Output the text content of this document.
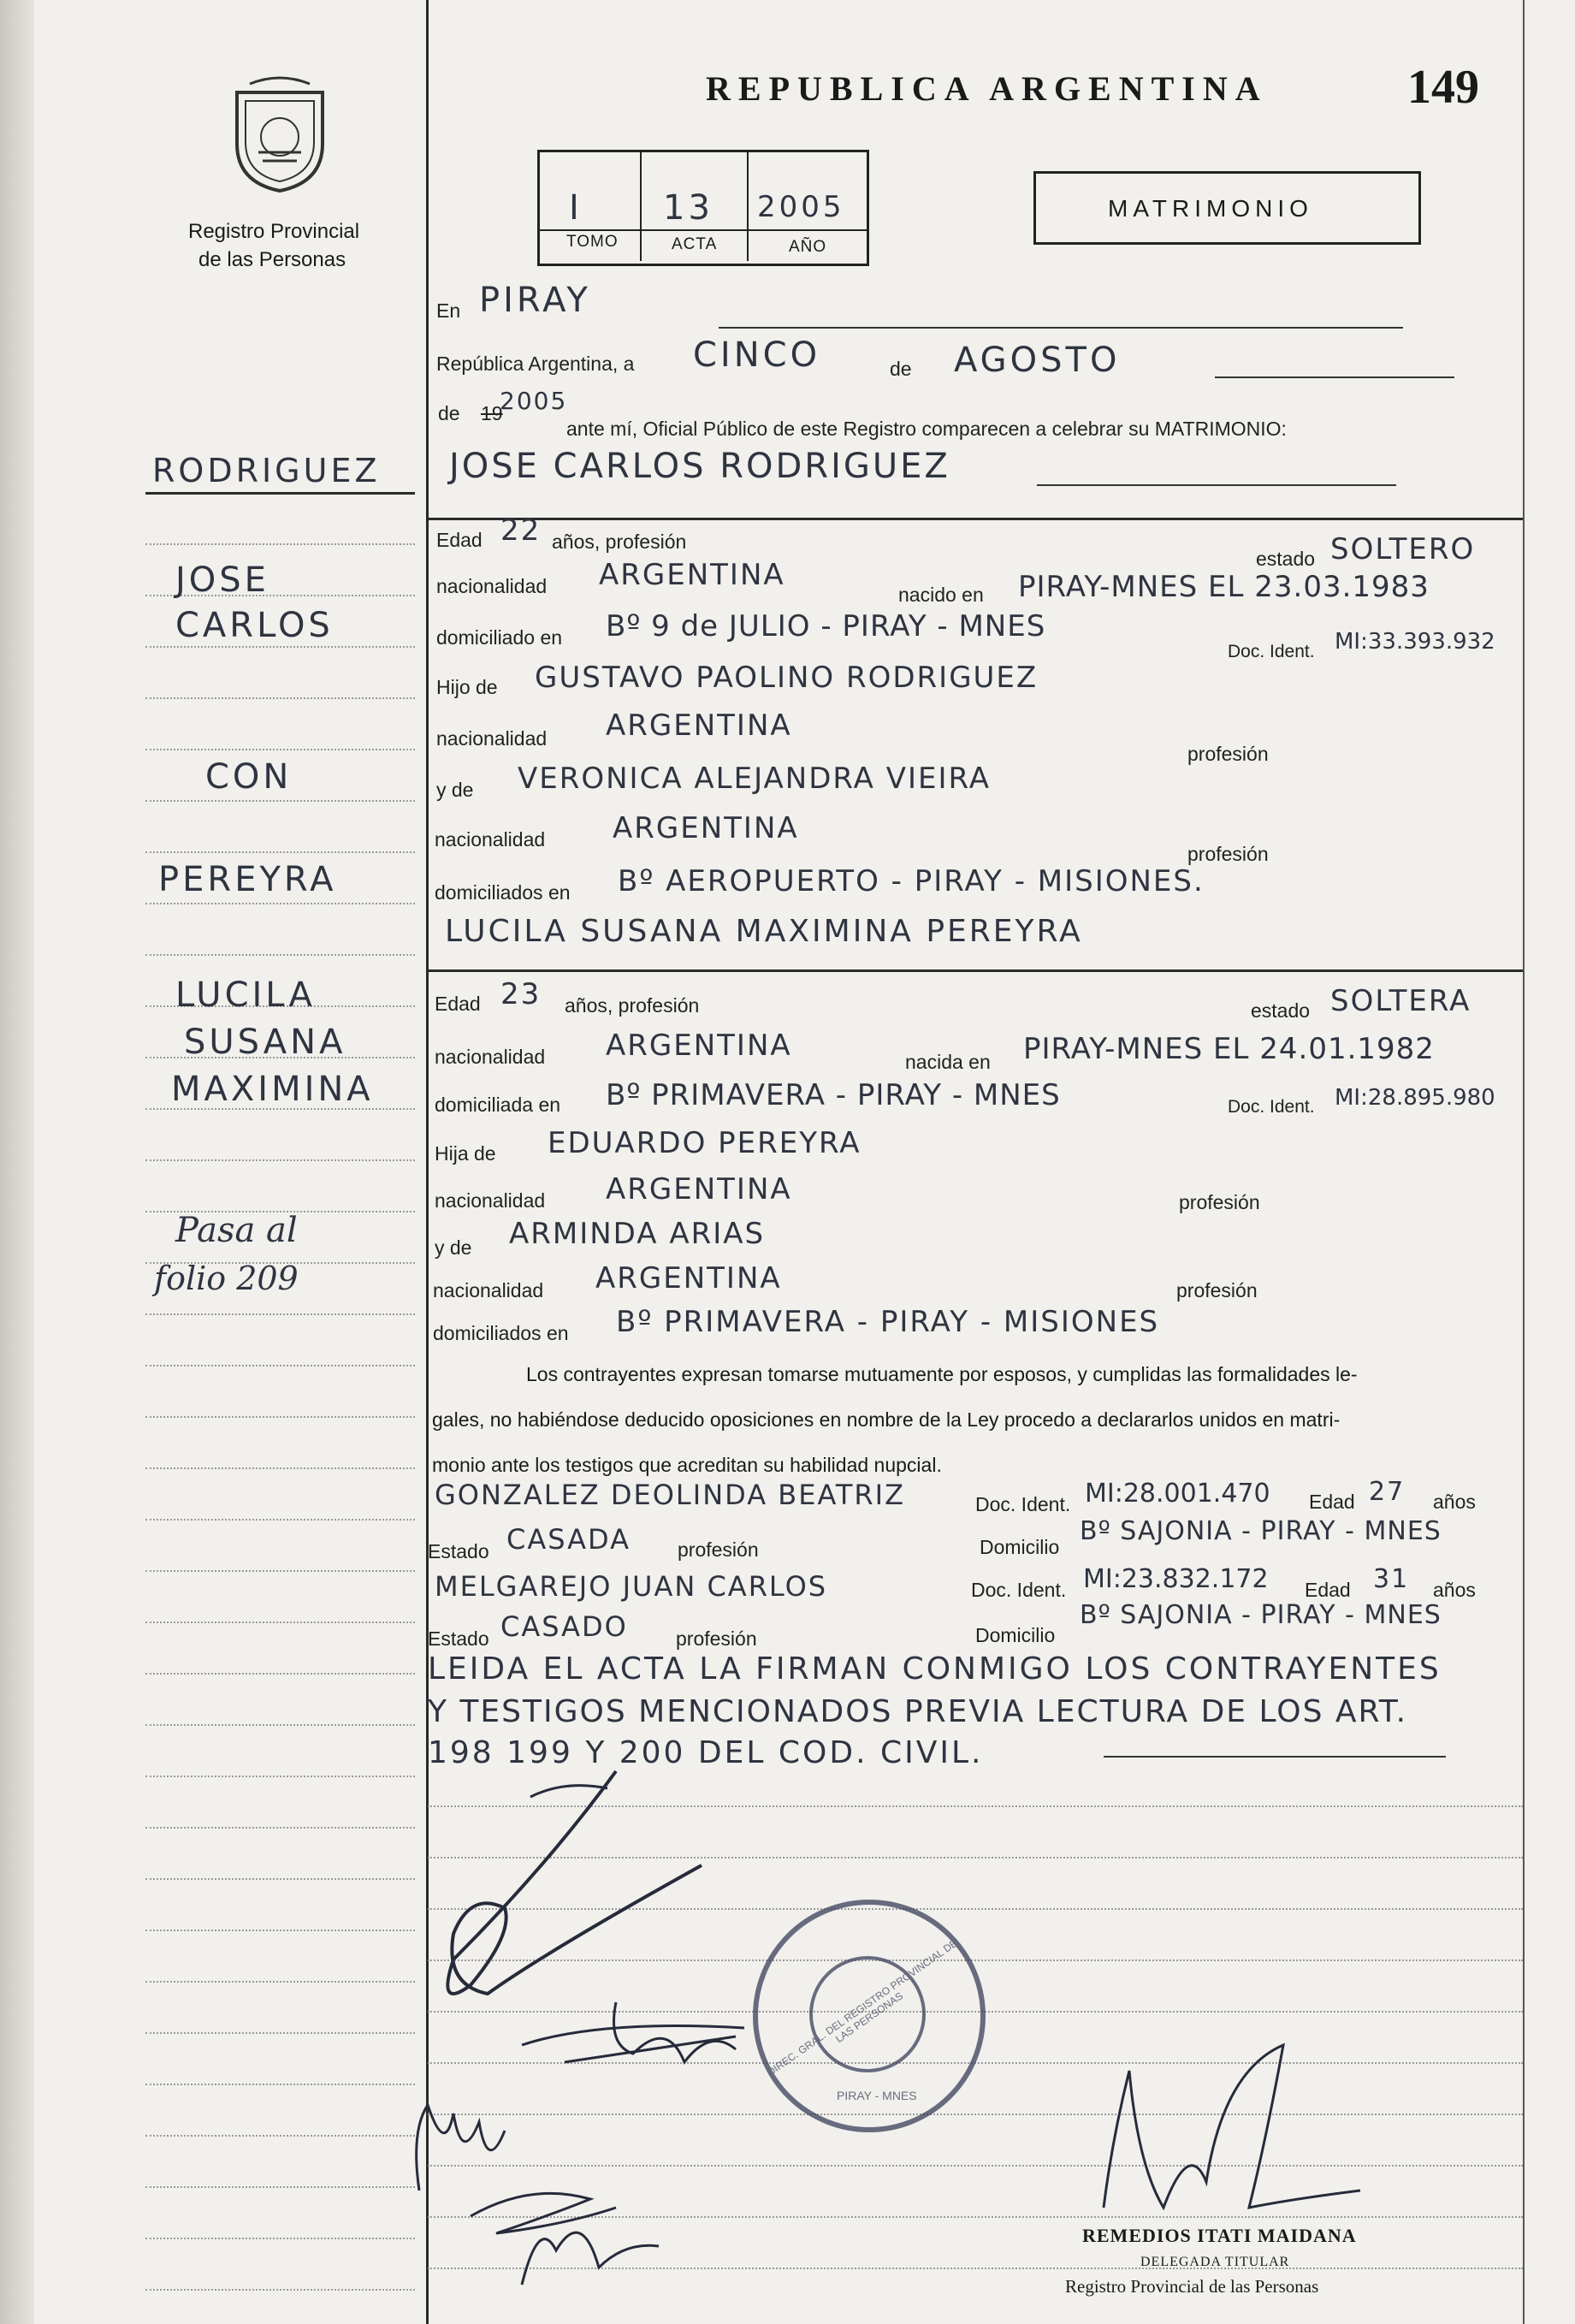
Registro Provincial
de las Personas
REPUBLICA ARGENTINA	149
I 13 2005
TOMO	ACTA	AÑO
MATRIMONIO
RODRIGUEZ
JOSE
CARLOS
CON
PEREYRA
LUCILA
SUSANA
MAXIMINA
Pasa al
folio 209
En PIRAY
República Argentina, a CINCO	de AGOSTO
de 19
2005
ante mí, Oficial Público de este Registro comparecen a celebrar su MATRIMONIO:
JOSE CARLOS RODRIGUEZ
Edad 22 años, profesión
estado SOLTERO
nacionalidad ARGENTINA
nacido en PIRAY-MNES EL 23.03.1983
domiciliado en Bº 9 de JULIO - PIRAY - MNES
Doc. Ident. MI:33.393.932
Hijo de GUSTAVO PAOLINO RODRIGUEZ
nacionalidad ARGENTINA
profesión
y de VERONICA ALEJANDRA VIEIRA
nacionalidad ARGENTINA
profesión
domiciliados en Bº AEROPUERTO - PIRAY - MISIONES.
LUCILA SUSANA MAXIMINA PEREYRA
Edad 23 años, profesión	estado SOLTERA
nacionalidad ARGENTINA	nacida en PIRAY-MNES EL 24.01.1982
domiciliada en Bº PRIMAVERA - PIRAY - MNES	Doc. Ident. MI:28.895.980
Hija de EDUARDO PEREYRA
nacionalidad ARGENTINA	profesión
y de ARMINDA ARIAS
nacionalidad ARGENTINA	profesión
domiciliados en Bº PRIMAVERA - PIRAY - MISIONES
Los contrayentes expresan tomarse mutuamente por esposos, y cumplidas las formalidades le-
gales, no habiéndose deducido oposiciones en nombre de la Ley procedo a declararlos unidos en matri-
monio ante los testigos que acreditan su habilidad nupcial.
GONZALEZ DEOLINDA BEATRIZ	Doc. Ident. MI:28.001.470 Edad 27 años
Estado CASADA profesión	Domicilio
Bº SAJONIA - PIRAY - MNES
MELGAREJO JUAN CARLOS	Doc. Ident. MI:23.832.172 Edad 31 años
Estado CASADO profesión	Domicilio
Bº SAJONIA - PIRAY - MNES
LEIDA EL ACTA LA FIRMAN CONMIGO LOS CONTRAYENTES
Y TESTIGOS MENCIONADOS PREVIA LECTURA DE LOS ART.
198 199 Y 200 DEL COD. CIVIL.
DIREC. GRAL. DEL REGISTRO PROVINCIAL DE LAS PERSONAS
PIRAY - MNES
REMEDIOS ITATI MAIDANA
DELEGADA TITULAR
Registro Provincial de las Personas
